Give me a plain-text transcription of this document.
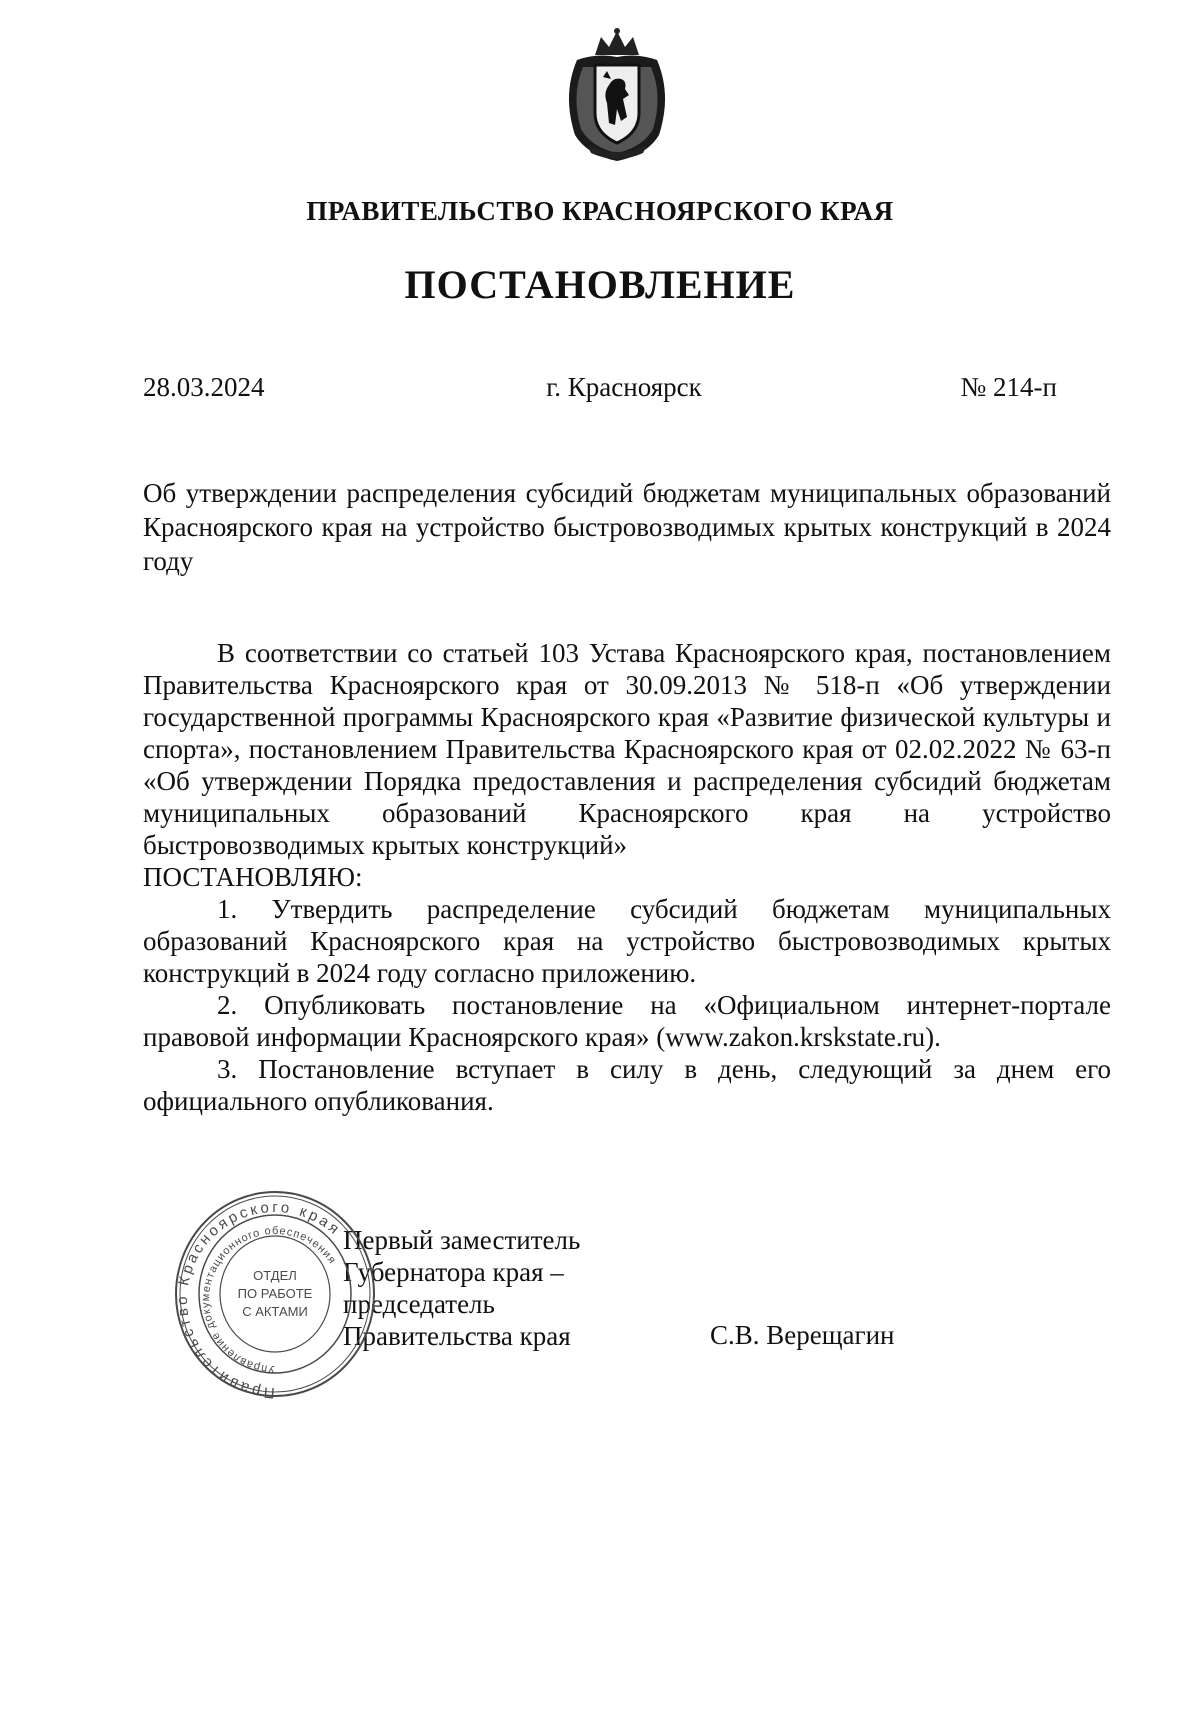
ПРАВИТЕЛЬСТВО КРАСНОЯРСКОГО КРАЯ
ПОСТАНОВЛЕНИЕ
28.03.2024	г. Красноярск	№ 214-п

Об утверждении распределения субсидий бюджетам муниципальных образований Красноярского края на устройство быстровозводимых крытых конструкций в 2024 году

В соответствии со статьей 103 Устава Красноярского края, постановлением Правительства Красноярского края от 30.09.2013 № 518-п «Об утверждении государственной программы Красноярского края «Развитие физической культуры и спорта», постановлением Правительства Красноярского края от 02.02.2022 № 63-п «Об утверждении Порядка предоставления и распределения субсидий бюджетам муниципальных образований Красноярского края на устройство быстровозводимых крытых конструкций»

ПОСТАНОВЛЯЮ:

1. Утвердить распределение субсидий бюджетам муниципальных образований Красноярского края на устройство быстровозводимых крытых конструкций в 2024 году согласно приложению.

2. Опубликовать постановление на «Официальном интернет-портале правовой информации Красноярского края» (www.zakon.krskstate.ru).

3. Постановление вступает в силу в день, следующий за днем его официального опубликования.

Первый заместитель
Губернатора края –
председатель
Правительства края	С.В. Верещагин
Правительство Красноярского края
Управление документационного обеспечения
ОТДЕЛ
ПО РАБОТЕ
С АКТАМИ
